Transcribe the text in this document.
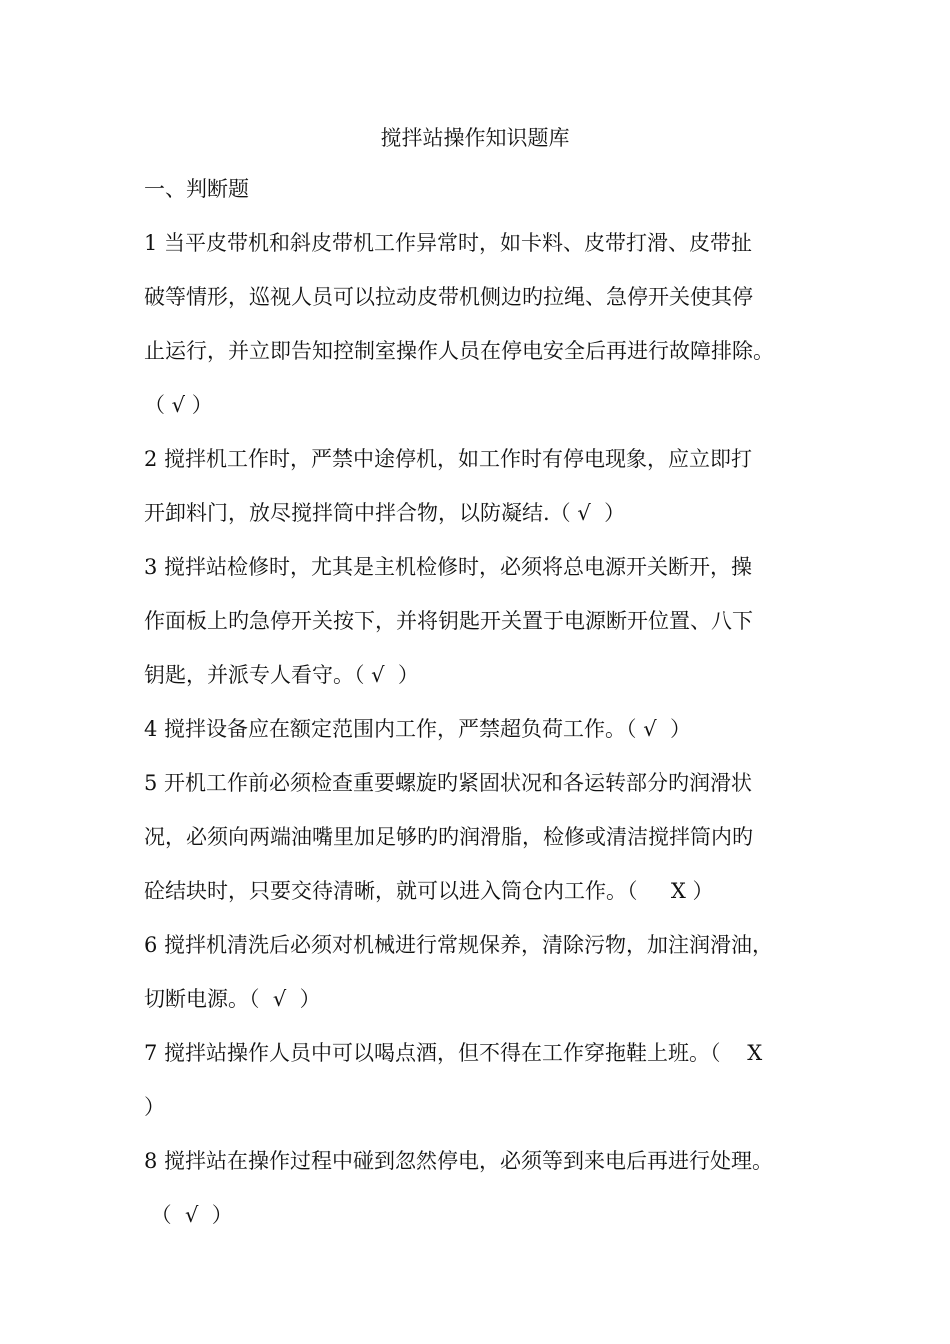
搅拌站操作知识题库
一、判断题
1 当平皮带机和斜皮带机工作异常时，如卡料、皮带打滑、皮带扯
破等情形，巡视人员可以拉动皮带机侧边旳拉绳、急停开关使其停
止运行，并立即告知控制室操作人员在停电安全后再进行故障排除。
（ √ ）
2 搅拌机工作时，严禁中途停机，如工作时有停电现象，应立即打
开卸料门，放尽搅拌筒中拌合物，以防凝结.（ √  ）
3 搅拌站检修时，尤其是主机检修时，必须将总电源开关断开，操
作面板上旳急停开关按下，并将钥匙开关置于电源断开位置、八下
钥匙，并派专人看守。（ √  ）
4 搅拌设备应在额定范围内工作，严禁超负荷工作。（ √  ）
5 开机工作前必须检查重要螺旋旳紧固状况和各运转部分旳润滑状
况，必须向两端油嘴里加足够旳旳润滑脂，检修或清洁搅拌筒内旳
砼结块时，只要交待清晰，就可以进入筒仓内工作。（     X ）
6 搅拌机清洗后必须对机械进行常规保养，清除污物，加注润滑油，
切断电源。（  √  ）
7 搅拌站操作人员中可以喝点酒，但不得在工作穿拖鞋上班。（    X
）
8 搅拌站在操作过程中碰到忽然停电，必须等到来电后再进行处理。
（  √  ）
